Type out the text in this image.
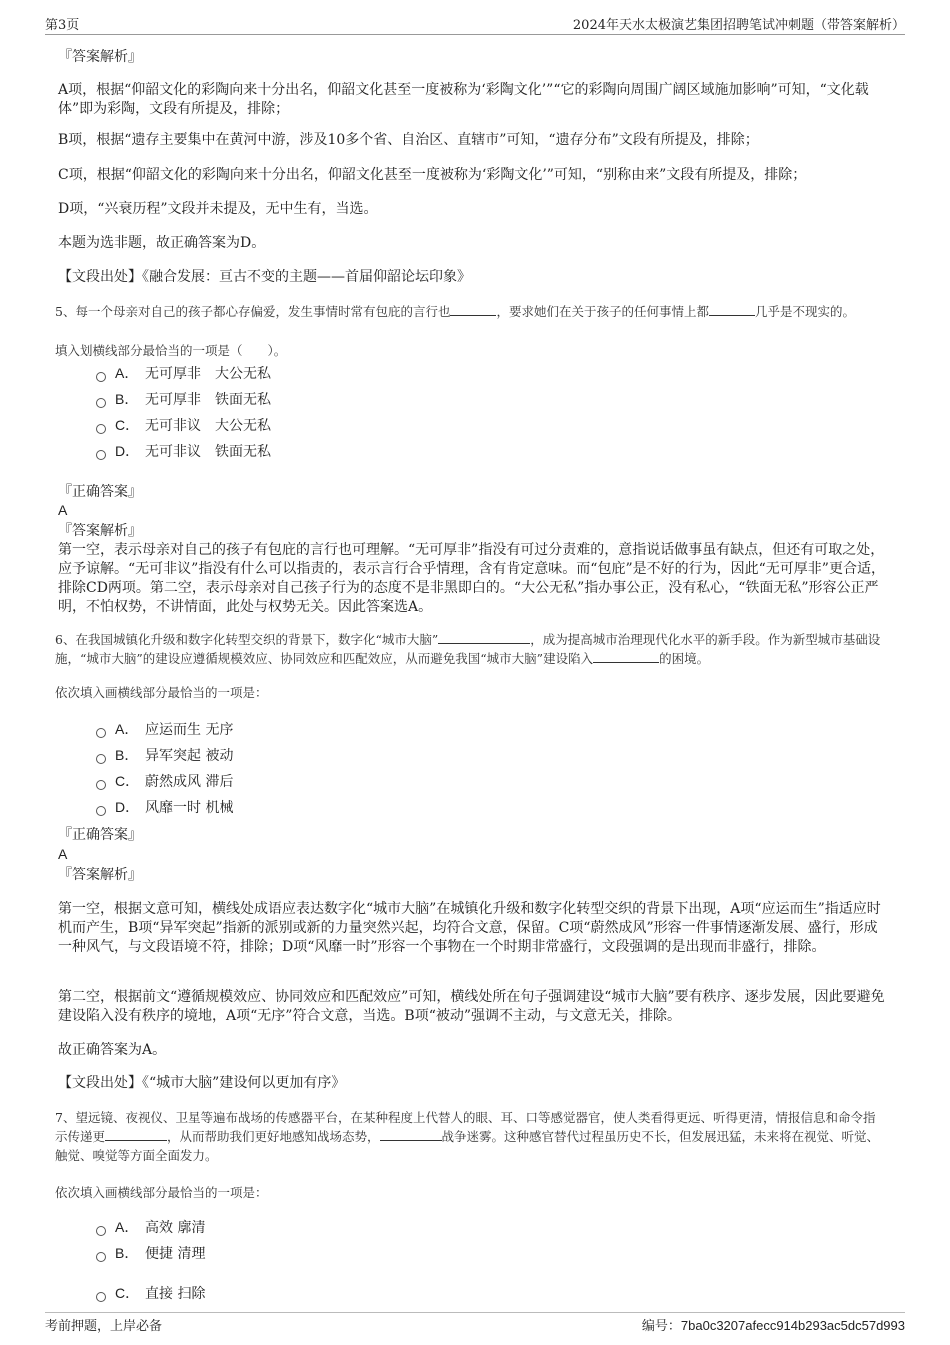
第3页	2024年天水太极演艺集团招聘笔试冲刺题（带答案解析）
『答案解析』
A项，根据“仰韶文化的彩陶向来十分出名，仰韶文化甚至一度被称为‘彩陶文化’”“它的彩陶向周围广阔区域施加影响”可知，“文化载体”即为彩陶，文段有所提及，排除；
B项，根据“遗存主要集中在黄河中游，涉及10多个省、自治区、直辖市”可知，“遗存分布”文段有所提及，排除；
C项，根据“仰韶文化的彩陶向来十分出名，仰韶文化甚至一度被称为‘彩陶文化’”可知，“别称由来”文段有所提及，排除；
D项，“兴衰历程”文段并未提及，无中生有，当选。
本题为选非题，故正确答案为D。
【文段出处】《融合发展：亘古不变的主题——首届仰韶论坛印象》
5、每一个母亲对自己的孩子都心存偏爱，发生事情时常有包庇的言行也	，要求她们在关于孩子的任何事情上都	几乎是不现实的。
填入划横线部分最恰当的一项是（　　）。
A． 无可厚非　大公无私
B． 无可厚非　铁面无私
C． 无可非议　大公无私
D． 无可非议　铁面无私
『正确答案』
A
『答案解析』
第一空，表示母亲对自己的孩子有包庇的言行也可理解。“无可厚非”指没有可过分责难的，意指说话做事虽有缺点，但还有可取之处，应予谅解。“无可非议”指没有什么可以指责的，表示言行合乎情理，含有肯定意味。而“包庇”是不好的行为，因此“无可厚非”更合适，排除CD两项。第二空，表示母亲对自己孩子行为的态度不是非黑即白的。“大公无私”指办事公正，没有私心，“铁面无私”形容公正严明，不怕权势，不讲情面，此处与权势无关。因此答案选A。
6、在我国城镇化升级和数字化转型交织的背景下，数字化“城市大脑”	，成为提高城市治理现代化水平的新手段。作为新型城市基础设施，“城市大脑”的建设应遵循规模效应、协同效应和匹配效应，从而避免我国“城市大脑”建设陷入	的困境。
依次填入画横线部分最恰当的一项是：
A． 应运而生 无序
B． 异军突起 被动
C． 蔚然成风 滞后
D． 风靡一时 机械
『正确答案』
A
『答案解析』
第一空，根据文意可知，横线处成语应表达数字化“城市大脑”在城镇化升级和数字化转型交织的背景下出现，A项“应运而生”指适应时机而产生，B项“异军突起”指新的派别或新的力量突然兴起，均符合文意，保留。C项“蔚然成风”形容一件事情逐渐发展、盛行，形成一种风气，与文段语境不符，排除；D项“风靡一时”形容一个事物在一个时期非常盛行，文段强调的是出现而非盛行，排除。
第二空，根据前文“遵循规模效应、协同效应和匹配效应”可知，横线处所在句子强调建设“城市大脑”要有秩序、逐步发展，因此要避免建设陷入没有秩序的境地，A项“无序”符合文意，当选。B项“被动”强调不主动，与文意无关，排除。
故正确答案为A。
【文段出处】《“城市大脑”建设何以更加有序》
7、望远镜、夜视仪、卫星等遍布战场的传感器平台，在某种程度上代替人的眼、耳、口等感觉器官，使人类看得更远、听得更清，情报信息和命令指示传递更	，从而帮助我们更好地感知战场态势，	战争迷雾。这种感官替代过程虽历史不长，但发展迅猛，未来将在视觉、听觉、触觉、嗅觉等方面全面发力。
依次填入画横线部分最恰当的一项是：
A． 高效 廓清
B． 便捷 清理
C． 直接 扫除
考前押题，上岸必备	编号：7ba0c3207afecc914b293ac5dc57d993
